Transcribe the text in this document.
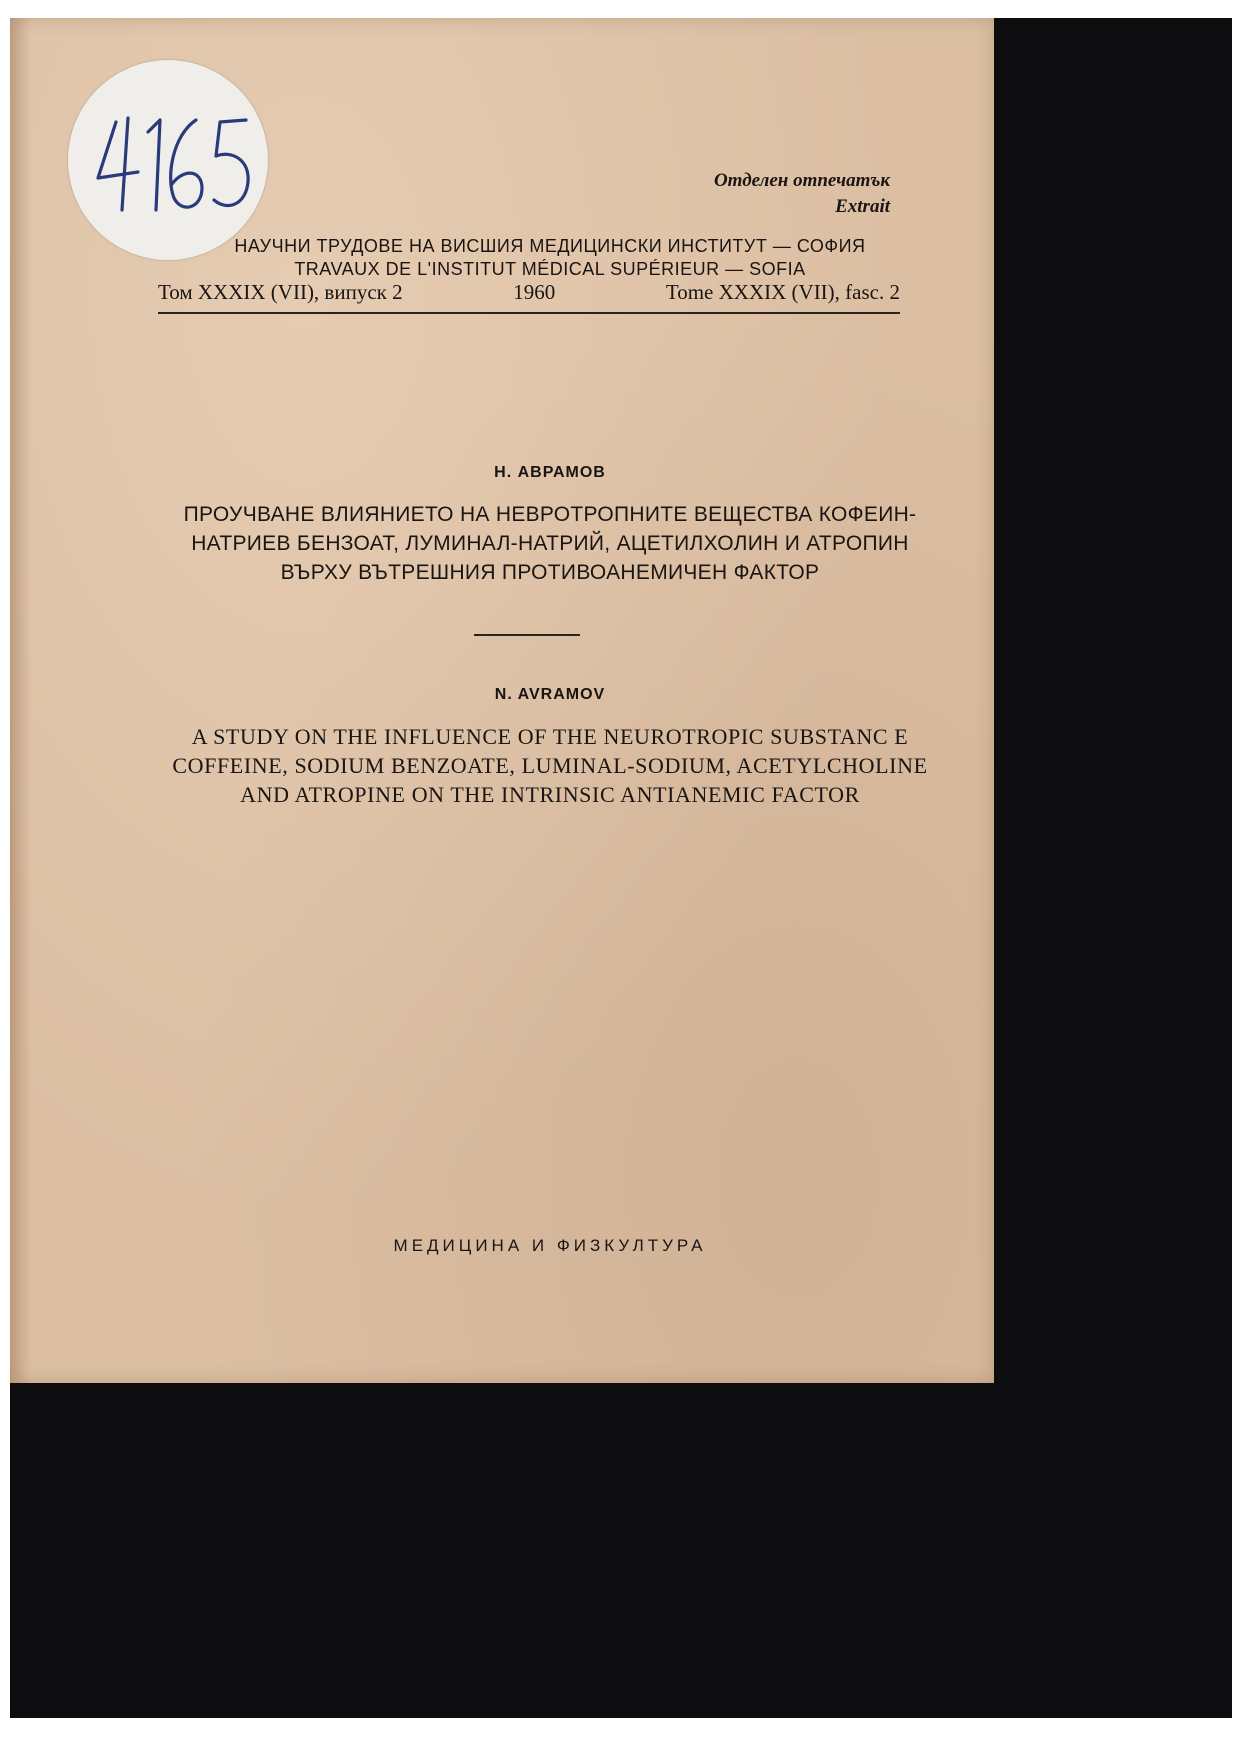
Отделен отпечатък
Extrait
НАУЧНИ ТРУДОВЕ НА ВИСШИЯ МЕДИЦИНСКИ ИНСТИТУТ — СОФИЯ
TRAVAUX DE L'INSTITUT MÉDICAL SUPÉRIEUR — SOFIA
Том XXXIX (VII), випуск 2	1960	Tome XXXIX (VII), fasc. 2
Н. АВРАМОВ
ПРОУЧВАНЕ ВЛИЯНИЕТО НА НЕВРОТРОПНИТЕ ВЕЩЕСТВА КОФЕИН-
НАТРИЕВ БЕНЗОАТ, ЛУМИНАЛ-НАТРИЙ, АЦЕТИЛХОЛИН И АТРОПИН
ВЪРХУ ВЪТРЕШНИЯ ПРОТИВОАНЕМИЧЕН ФАКТОР
N. AVRAMOV
A STUDY ON THE INFLUENCE OF THE NEUROTROPIC SUBSTANC E
COFFEINE, SODIUM BENZOATE, LUMINAL-SODIUM, ACETYLCHOLINE
AND ATROPINE ON THE INTRINSIC ANTIANEMIC FACTOR
МЕДИЦИНА И ФИЗКУЛТУРА
